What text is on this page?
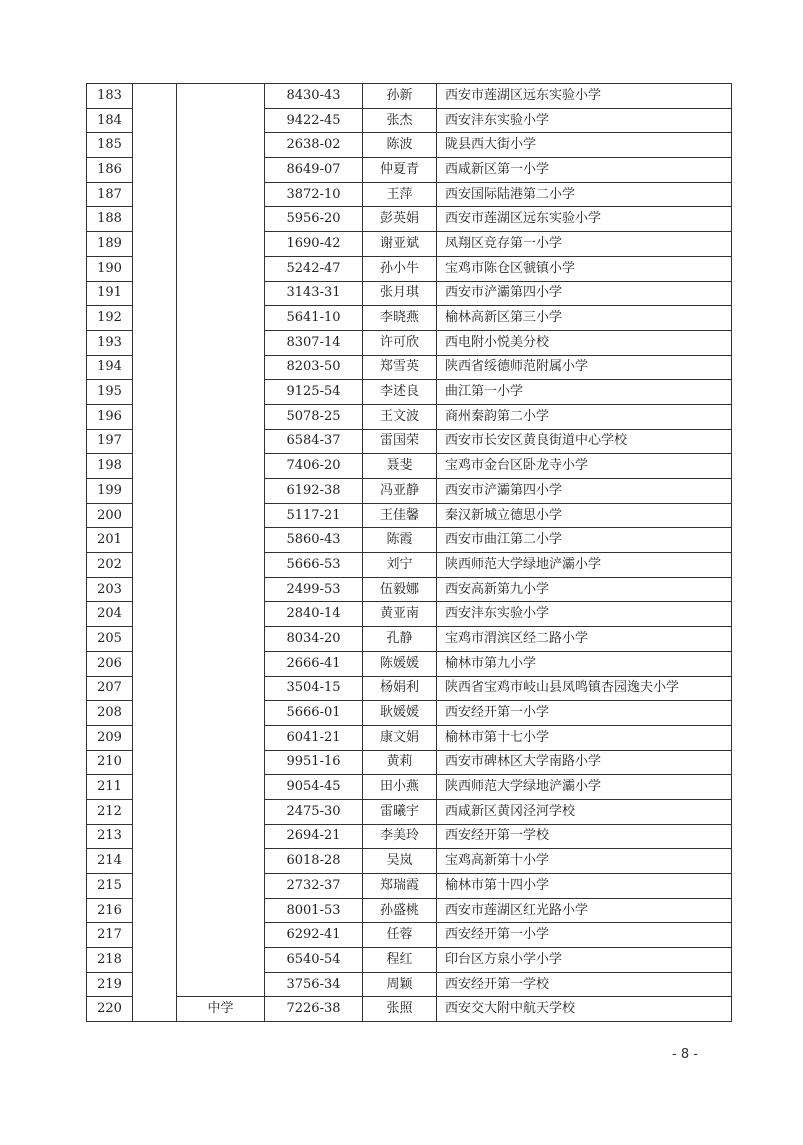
183			8430-43	孙新	西安市莲湖区远东实验小学
184			9422-45	张杰	西安沣东实验小学
185			2638-02	陈波	陇县西大街小学
186			8649-07	仲夏青	西咸新区第一小学
187			3872-10	王萍	西安国际陆港第二小学
188			5956-20	彭英娟	西安市莲湖区远东实验小学
189			1690-42	谢亚斌	凤翔区竞存第一小学
190			5242-47	孙小牛	宝鸡市陈仓区虢镇小学
191			3143-31	张月琪	西安市浐灞第四小学
192			5641-10	李晓燕	榆林高新区第三小学
193			8307-14	许可欣	西电附小悦美分校
194			8203-50	郑雪英	陕西省绥德师范附属小学
195			9125-54	李述良	曲江第一小学
196			5078-25	王文波	商州秦韵第二小学
197			6584-37	雷国荣	西安市长安区黄良街道中心学校
198			7406-20	聂斐	宝鸡市金台区卧龙寺小学
199			6192-38	冯亚静	西安市浐灞第四小学
200			5117-21	王佳馨	秦汉新城立德思小学
201			5860-43	陈霞	西安市曲江第二小学
202			5666-53	刘宁	陕西师范大学绿地浐灞小学
203			2499-53	伍毅娜	西安高新第九小学
204			2840-14	黄亚南	西安沣东实验小学
205			8034-20	孔静	宝鸡市渭滨区经二路小学
206			2666-41	陈媛媛	榆林市第九小学
207			3504-15	杨娟利	陕西省宝鸡市岐山县凤鸣镇杏园逸夫小学
208			5666-01	耿媛媛	西安经开第一小学
209			6041-21	康文娟	榆林市第十七小学
210			9951-16	黄莉	西安市碑林区大学南路小学
211			9054-45	田小燕	陕西师范大学绿地浐灞小学
212			2475-30	雷曦宇	西咸新区黄冈泾河学校
213			2694-21	李美玲	西安经开第一学校
214			6018-28	吴岚	宝鸡高新第十小学
215			2732-37	郑瑞霞	榆林市第十四小学
216			8001-53	孙盛桃	西安市莲湖区红光路小学
217			6292-41	任蓉	西安经开第一小学
218			6540-54	程红	印台区方泉小学小学
219			3756-34	周颖	西安经开第一学校
220		中学	7226-38	张照	西安交大附中航天学校
- 8 -
